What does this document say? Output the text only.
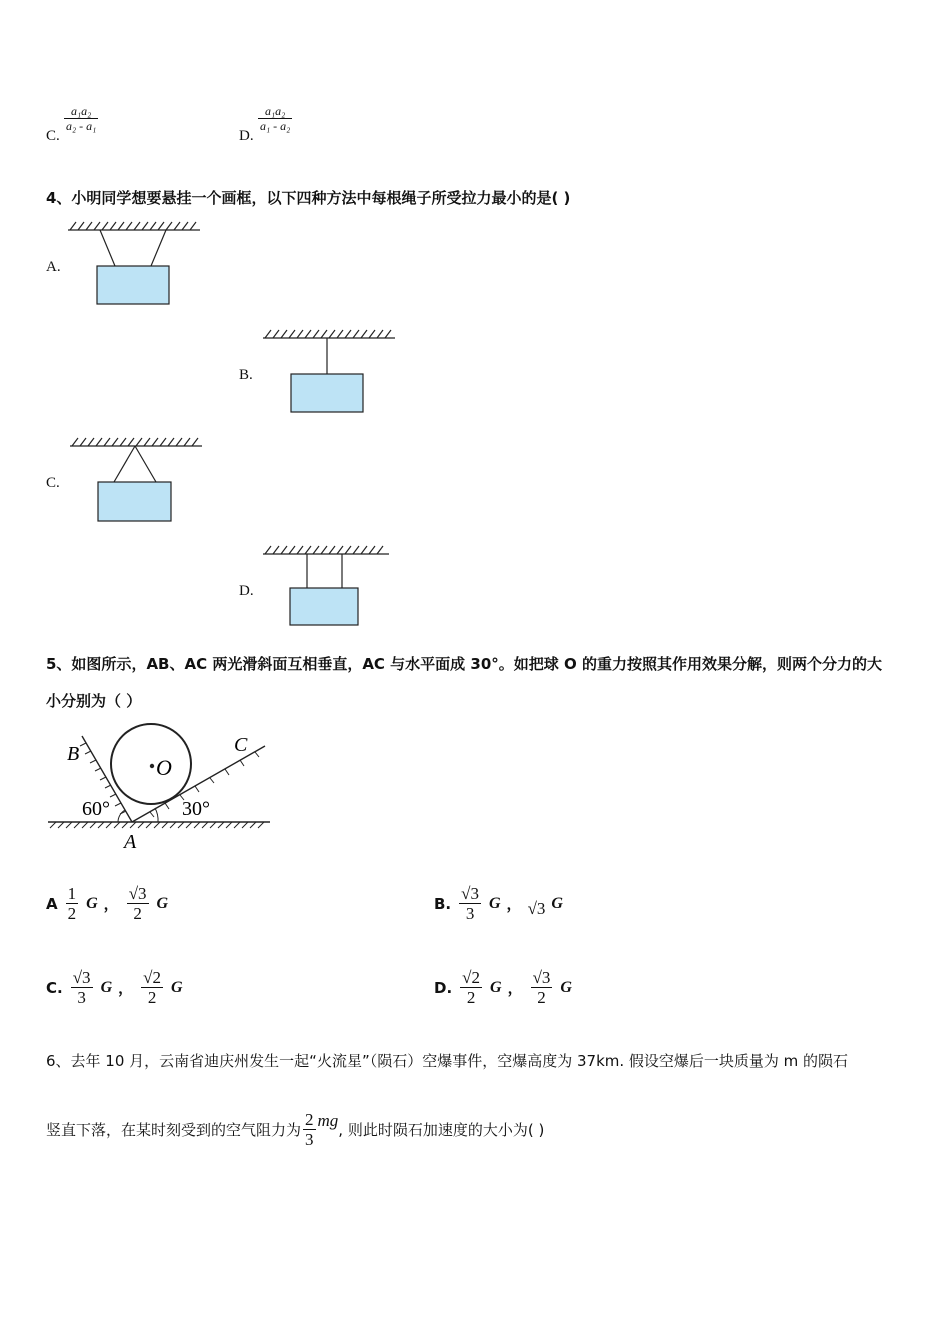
C.
a₁a₂
a₂ - a₁
D.
a₁a₂
a₁ - a₂
4、小明同学想要悬挂一个画框，以下四种方法中每根绳子所受拉力最小的是( )
A.
B.
C.
D.
5、如图所示，AB、AC 两光滑斜面互相垂直，AC 与水平面成 30°。如把球 O 的重力按照其作用效果分解，则两个分力的大
小分别为（ ）
B	C
O
A
60°	30°
A $\frac{1}{2}$ G ， $\frac{√3}{2}$ G	B. $\frac{√3}{3}$ G ， √3 G
C. $\frac{√3}{3}$ G ， $\frac{√2}{2}$ G	D. $\frac{√2}{2}$ G ， $\frac{√3}{2}$ G
6、去年 10 月，云南省迪庆州发生一起“火流星”（陨石）空爆事件，空爆高度为 37km. 假设空爆后一块质量为 m 的陨石
竖直下落，在某时刻受到的空气阻力为 $\frac{2}{3}$ mg
, 则此时陨石加速度的大小为( )
